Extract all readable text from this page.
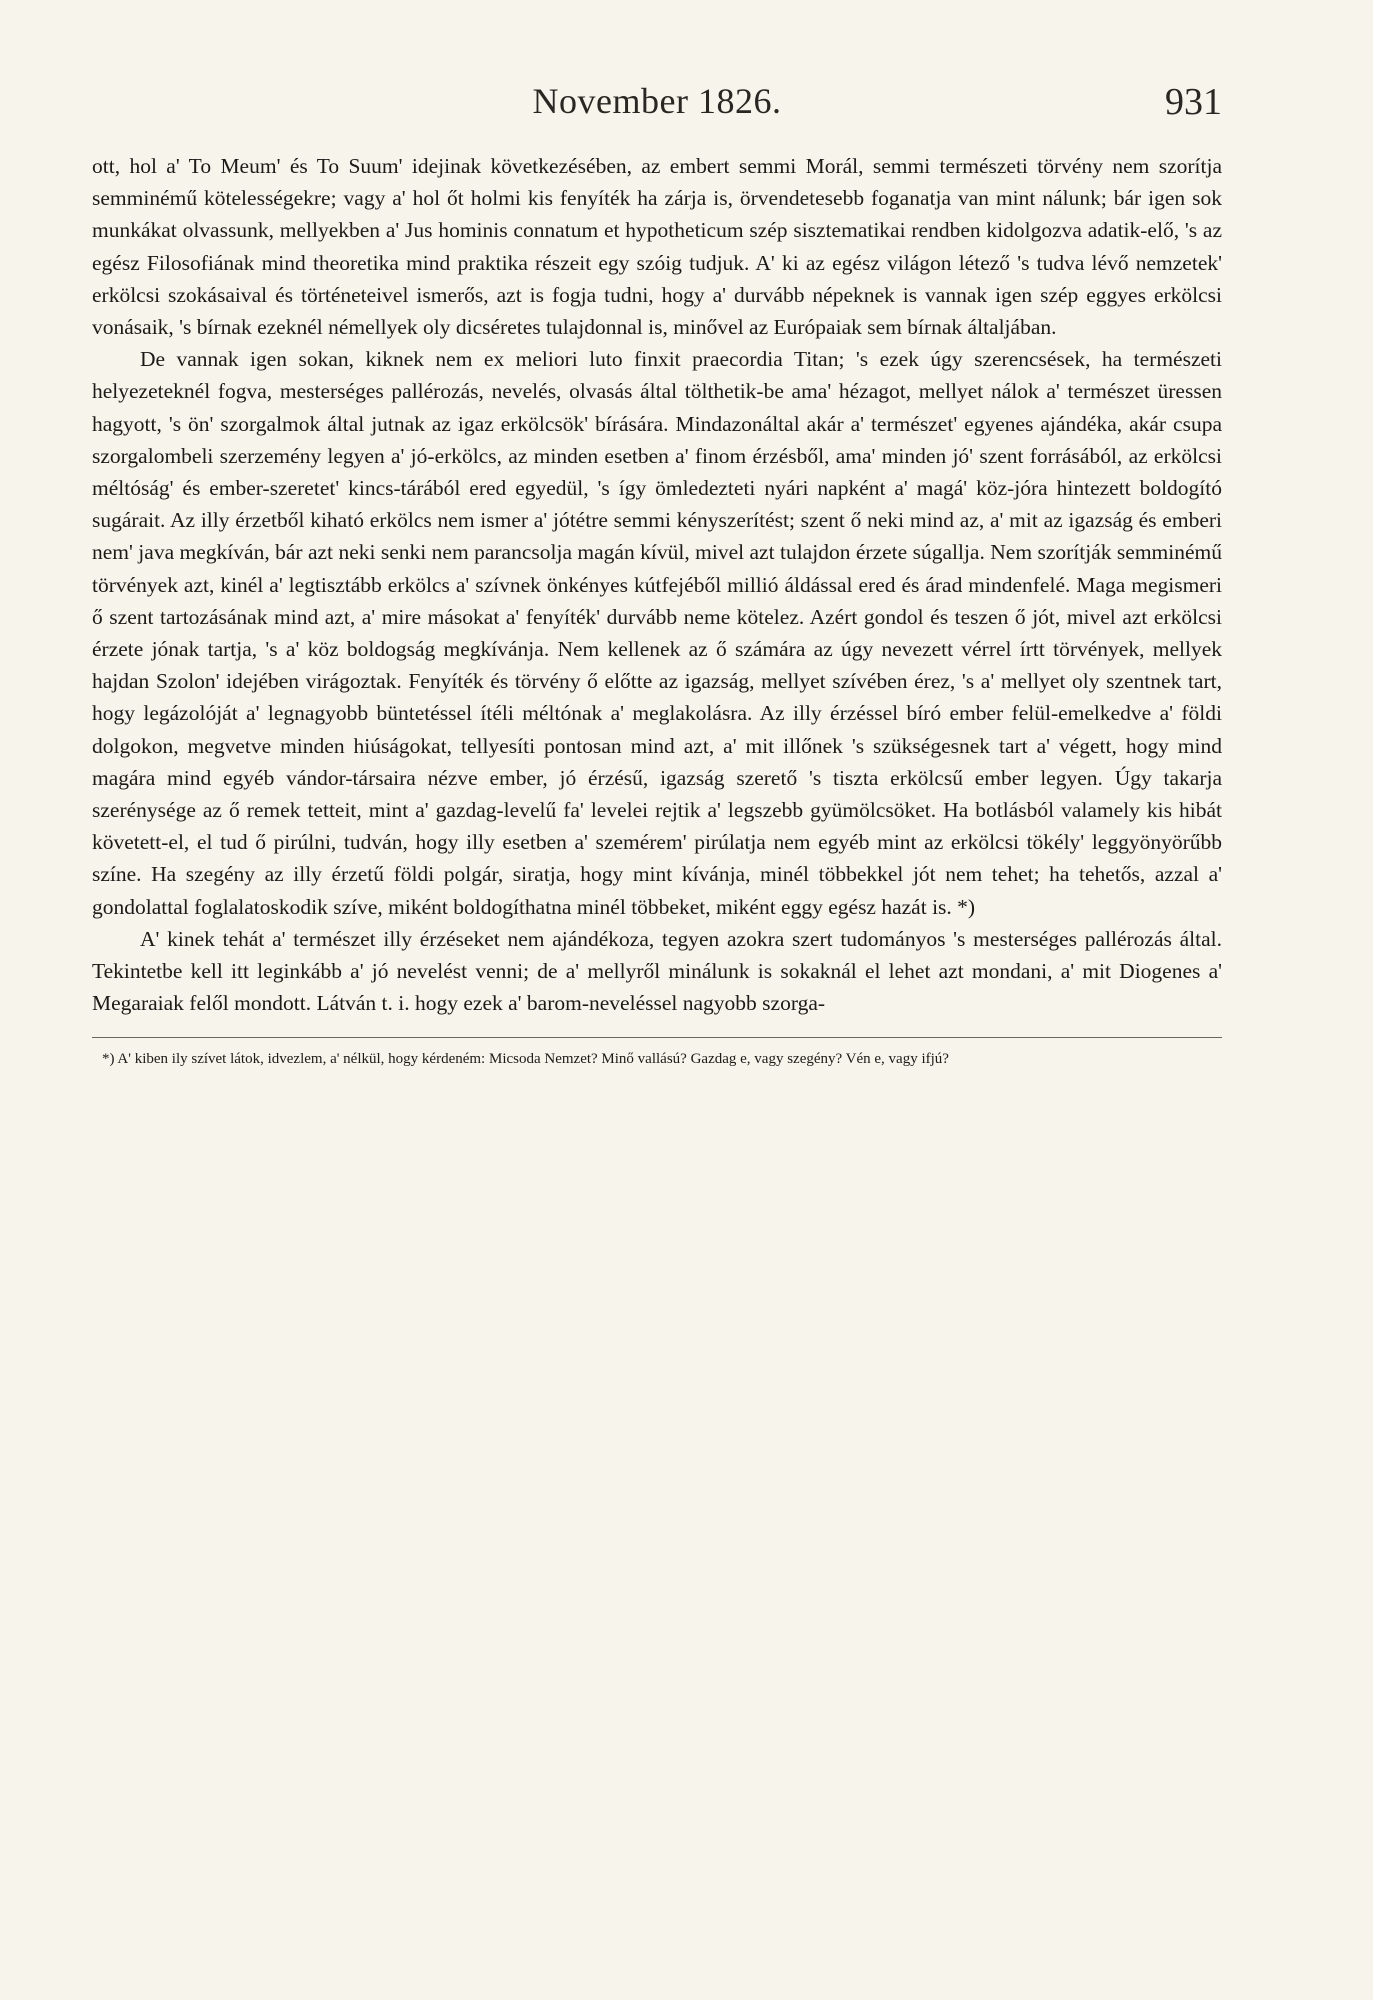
November 1826.	931

ott, hol a' To Meum' és To Suum' idejinak következésében, az embert semmi Morál, semmi természeti törvény nem szorítja semminémű kötelességekre; vagy a' hol őt holmi kis fenyíték ha zárja is, örvendetesebb foganatja van mint nálunk; bár igen sok munkákat olvassunk, mellyekben a' Jus hominis connatum et hypotheticum szép sisztematikai rendben kidolgozva adatik-elő, 's az egész Filosofiának mind theoretika mind praktika részeit egy szóig tudjuk. A' ki az egész világon létező 's tudva lévő nemzetek' erkölcsi szokásaival és történeteivel ismerős, azt is fogja tudni, hogy a' durvább népeknek is vannak igen szép eggyes erkölcsi vonásaik, 's bírnak ezeknél némellyek oly dicséretes tulajdonnal is, minővel az Európaiak sem bírnak általjában.

De vannak igen sokan, kiknek nem ex meliori luto finxit praecordia Titan; 's ezek úgy szerencsések, ha természeti helyezeteknél fogva, mesterséges pallérozás, nevelés, olvasás által tölthetik-be ama' hézagot, mellyet nálok a' természet üressen hagyott, 's ön' szorgalmok által jutnak az igaz erkölcsök' bírására. Mindazonáltal akár a' természet' egyenes ajándéka, akár csupa szorgalombeli szerzemény legyen a' jó-erkölcs, az minden esetben a' finom érzésből, ama' minden jó' szent forrásából, az erkölcsi méltóság' és ember-szeretet' kincs-tárából ered egyedül, 's így ömledezteti nyári napként a' magá' köz-jóra hintezett boldogító sugárait. Az illy érzetből kiható erkölcs nem ismer a' jótétre semmi kényszerítést; szent ő neki mind az, a' mit az igazság és emberi nem' java megkíván, bár azt neki senki nem parancsolja magán kívül, mivel azt tulajdon érzete súgallja. Nem szorítják semminémű törvények azt, kinél a' legtisztább erkölcs a' szívnek önkényes kútfejéből millió áldással ered és árad mindenfelé. Maga megismeri ő szent tartozásának mind azt, a' mire másokat a' fenyíték' durvább neme kötelez. Azért gondol és teszen ő jót, mivel azt erkölcsi érzete jónak tartja, 's a' köz boldogság megkívánja. Nem kellenek az ő számára az úgy nevezett vérrel írtt törvények, mellyek hajdan Szolon' idejében virágoztak. Fenyíték és törvény ő előtte az igazság, mellyet szívében érez, 's a' mellyet oly szentnek tart, hogy legázolóját a' legnagyobb büntetéssel ítéli méltónak a' meglakolásra. Az illy érzéssel bíró ember felül-emelkedve a' földi dolgokon, megvetve minden hiúságokat, tellyesíti pontosan mind azt, a' mit illőnek 's szükségesnek tart a' végett, hogy mind magára mind egyéb vándor-társaira nézve ember, jó érzésű, igazság szerető 's tiszta erkölcsű ember legyen. Úgy takarja szerénysége az ő remek tetteit, mint a' gazdag-levelű fa' levelei rejtik a' legszebb gyümölcsöket. Ha botlásból valamely kis hibát követett-el, el tud ő pirúlni, tudván, hogy illy esetben a' szemérem' pirúlatja nem egyéb mint az erkölcsi tökély' leggyönyörűbb színe. Ha szegény az illy érzetű földi polgár, siratja, hogy mint kívánja, minél többekkel jót nem tehet; ha tehetős, azzal a' gondolattal foglalatoskodik szíve, miként boldogíthatna minél többeket, miként eggy egész hazát is. *)

A' kinek tehát a' természet illy érzéseket nem ajándékoza, tegyen azokra szert tudományos 's mesterséges pallérozás által. Tekintetbe kell itt leginkább a' jó nevelést venni; de a' mellyről minálunk is sokaknál el lehet azt mondani, a' mit Diogenes a' Megaraiak felől mondott. Látván t. i. hogy ezek a' barom-neveléssel nagyobb szorga-

*) A' kiben ily szívet látok, idvezlem, a' nélkül, hogy kérdeném: Micsoda Nemzet? Minő vallású? Gazdag e, vagy szegény? Vén e, vagy ifjú?
